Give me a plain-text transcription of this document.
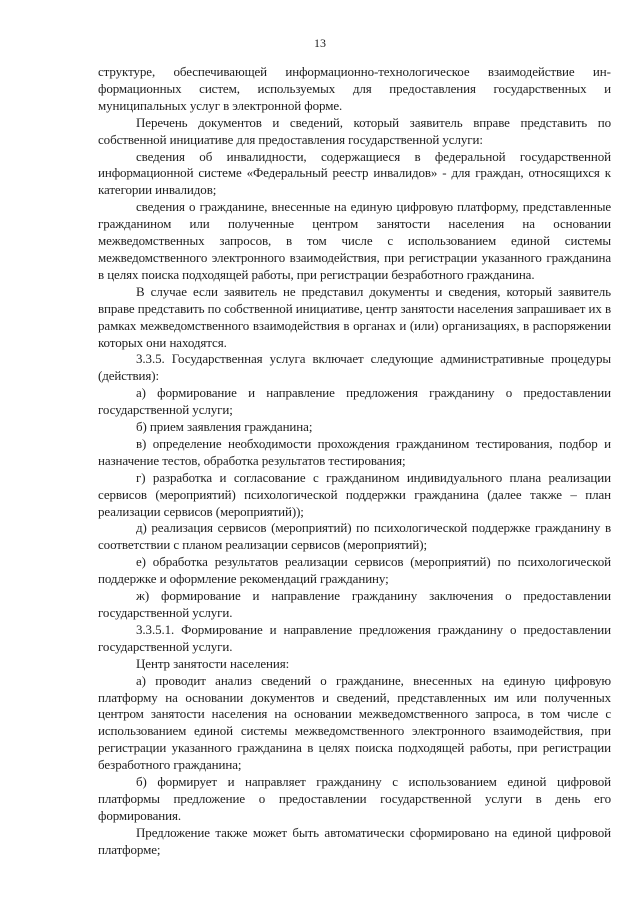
13

структуре, обеспечивающей информационно-технологическое взаимодействие информационных систем, используемых для предоставления государственных и муниципальных услуг в электронной форме.

Перечень документов и сведений, который заявитель вправе представить по собственной инициативе для предоставления государственной услуги:

сведения об инвалидности, содержащиеся в федеральной государственной информационной системе «Федеральный реестр инвалидов» - для граждан, относящихся к категории инвалидов;

сведения о гражданине, внесенные на единую цифровую платформу, представленные гражданином или полученные центром занятости населения на основании межведомственных запросов, в том числе с использованием единой системы межведомственного электронного взаимодействия, при регистрации указанного гражданина в целях поиска подходящей работы, при регистрации безработного гражданина.

В случае если заявитель не представил документы и сведения, который заявитель вправе представить по собственной инициативе, центр занятости населения запрашивает их в рамках межведомственного взаимодействия в органах и (или) организациях, в распоряжении которых они находятся.

3.3.5. Государственная услуга включает следующие административные процедуры (действия):

а) формирование и направление предложения гражданину о предоставлении государственной услуги;

б) прием заявления гражданина;

в) определение необходимости прохождения гражданином тестирования, подбор и назначение тестов, обработка результатов тестирования;

г) разработка и согласование с гражданином индивидуального плана реализации сервисов (мероприятий) психологической поддержки гражданина (далее также – план реализации сервисов (мероприятий));

д) реализация сервисов (мероприятий) по психологической поддержке гражданину в соответствии с планом реализации сервисов (мероприятий);

е) обработка результатов реализации сервисов (мероприятий) по психологической поддержке и оформление рекомендаций гражданину;

ж) формирование и направление гражданину заключения о предоставлении государственной услуги.

3.3.5.1. Формирование и направление предложения гражданину о предоставлении государственной услуги.

Центр занятости населения:

а) проводит анализ сведений о гражданине, внесенных на единую цифровую платформу на основании документов и сведений, представленных им или полученных центром занятости населения на основании межведомственного запроса, в том числе с использованием единой системы межведомственного электронного взаимодействия, при регистрации указанного гражданина в целях поиска подходящей работы, при регистрации безработного гражданина;

б) формирует и направляет гражданину с использованием единой цифровой платформы предложение о предоставлении государственной услуги в день его формирования.

Предложение также может быть автоматически сформировано на единой цифровой платформе;
